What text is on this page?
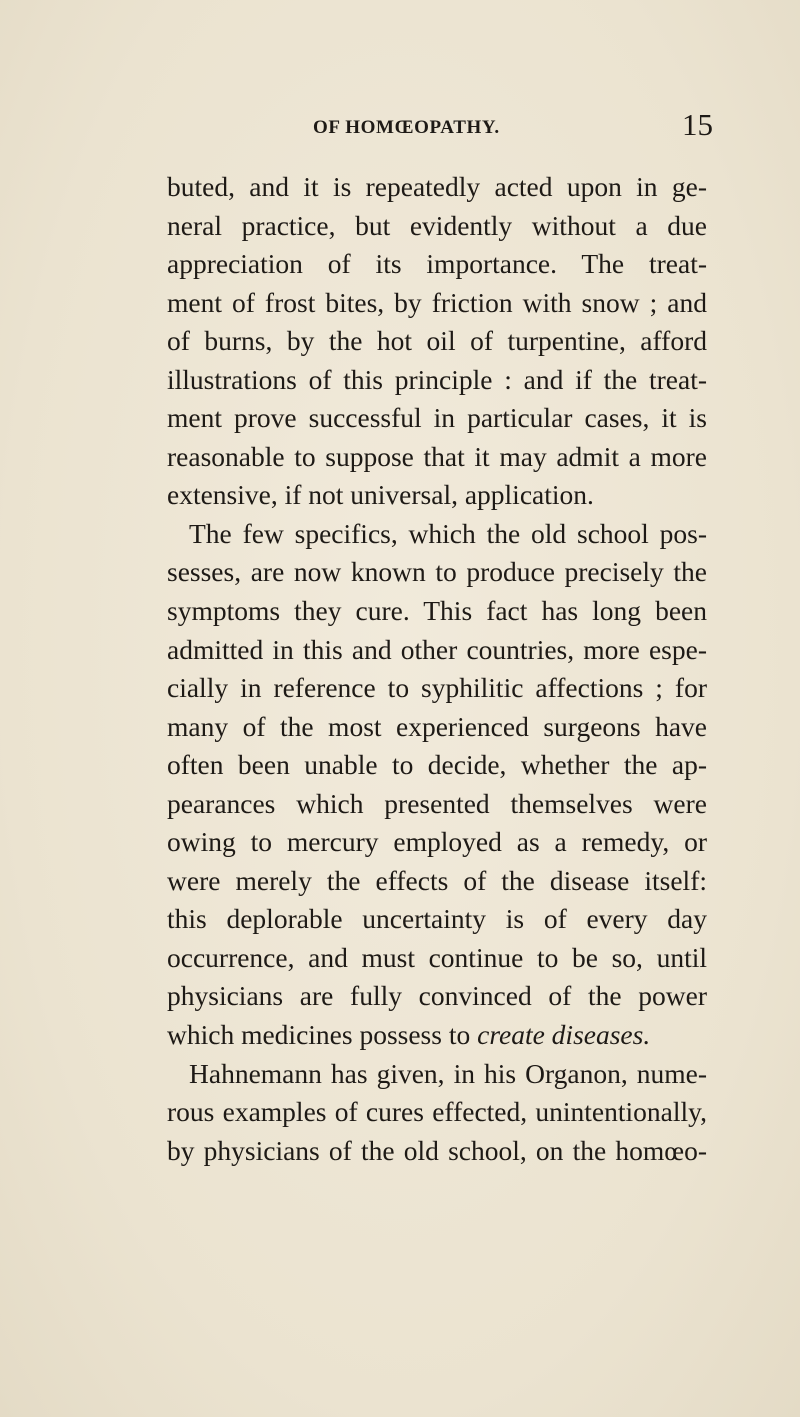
OF HOMŒOPATHY.	15
buted, and it is repeatedly acted upon in ge-
neral practice, but evidently without a due
appreciation of its importance. The treat-
ment of frost bites, by friction with snow ; and
of burns, by the hot oil of turpentine, afford
illustrations of this principle : and if the treat-
ment prove successful in particular cases, it is
reasonable to suppose that it may admit a more
extensive, if not universal, application.
The few specifics, which the old school pos-
sesses, are now known to produce precisely the
symptoms they cure. This fact has long been
admitted in this and other countries, more espe-
cially in reference to syphilitic affections ; for
many of the most experienced surgeons have
often been unable to decide, whether the ap-
pearances which presented themselves were
owing to mercury employed as a remedy, or
were merely the effects of the disease itself:
this deplorable uncertainty is of every day
occurrence, and must continue to be so, until
physicians are fully convinced of the power
which medicines possess to create diseases.
Hahnemann has given, in his Organon, nume-
rous examples of cures effected, unintentionally,
by physicians of the old school, on the homœo-
